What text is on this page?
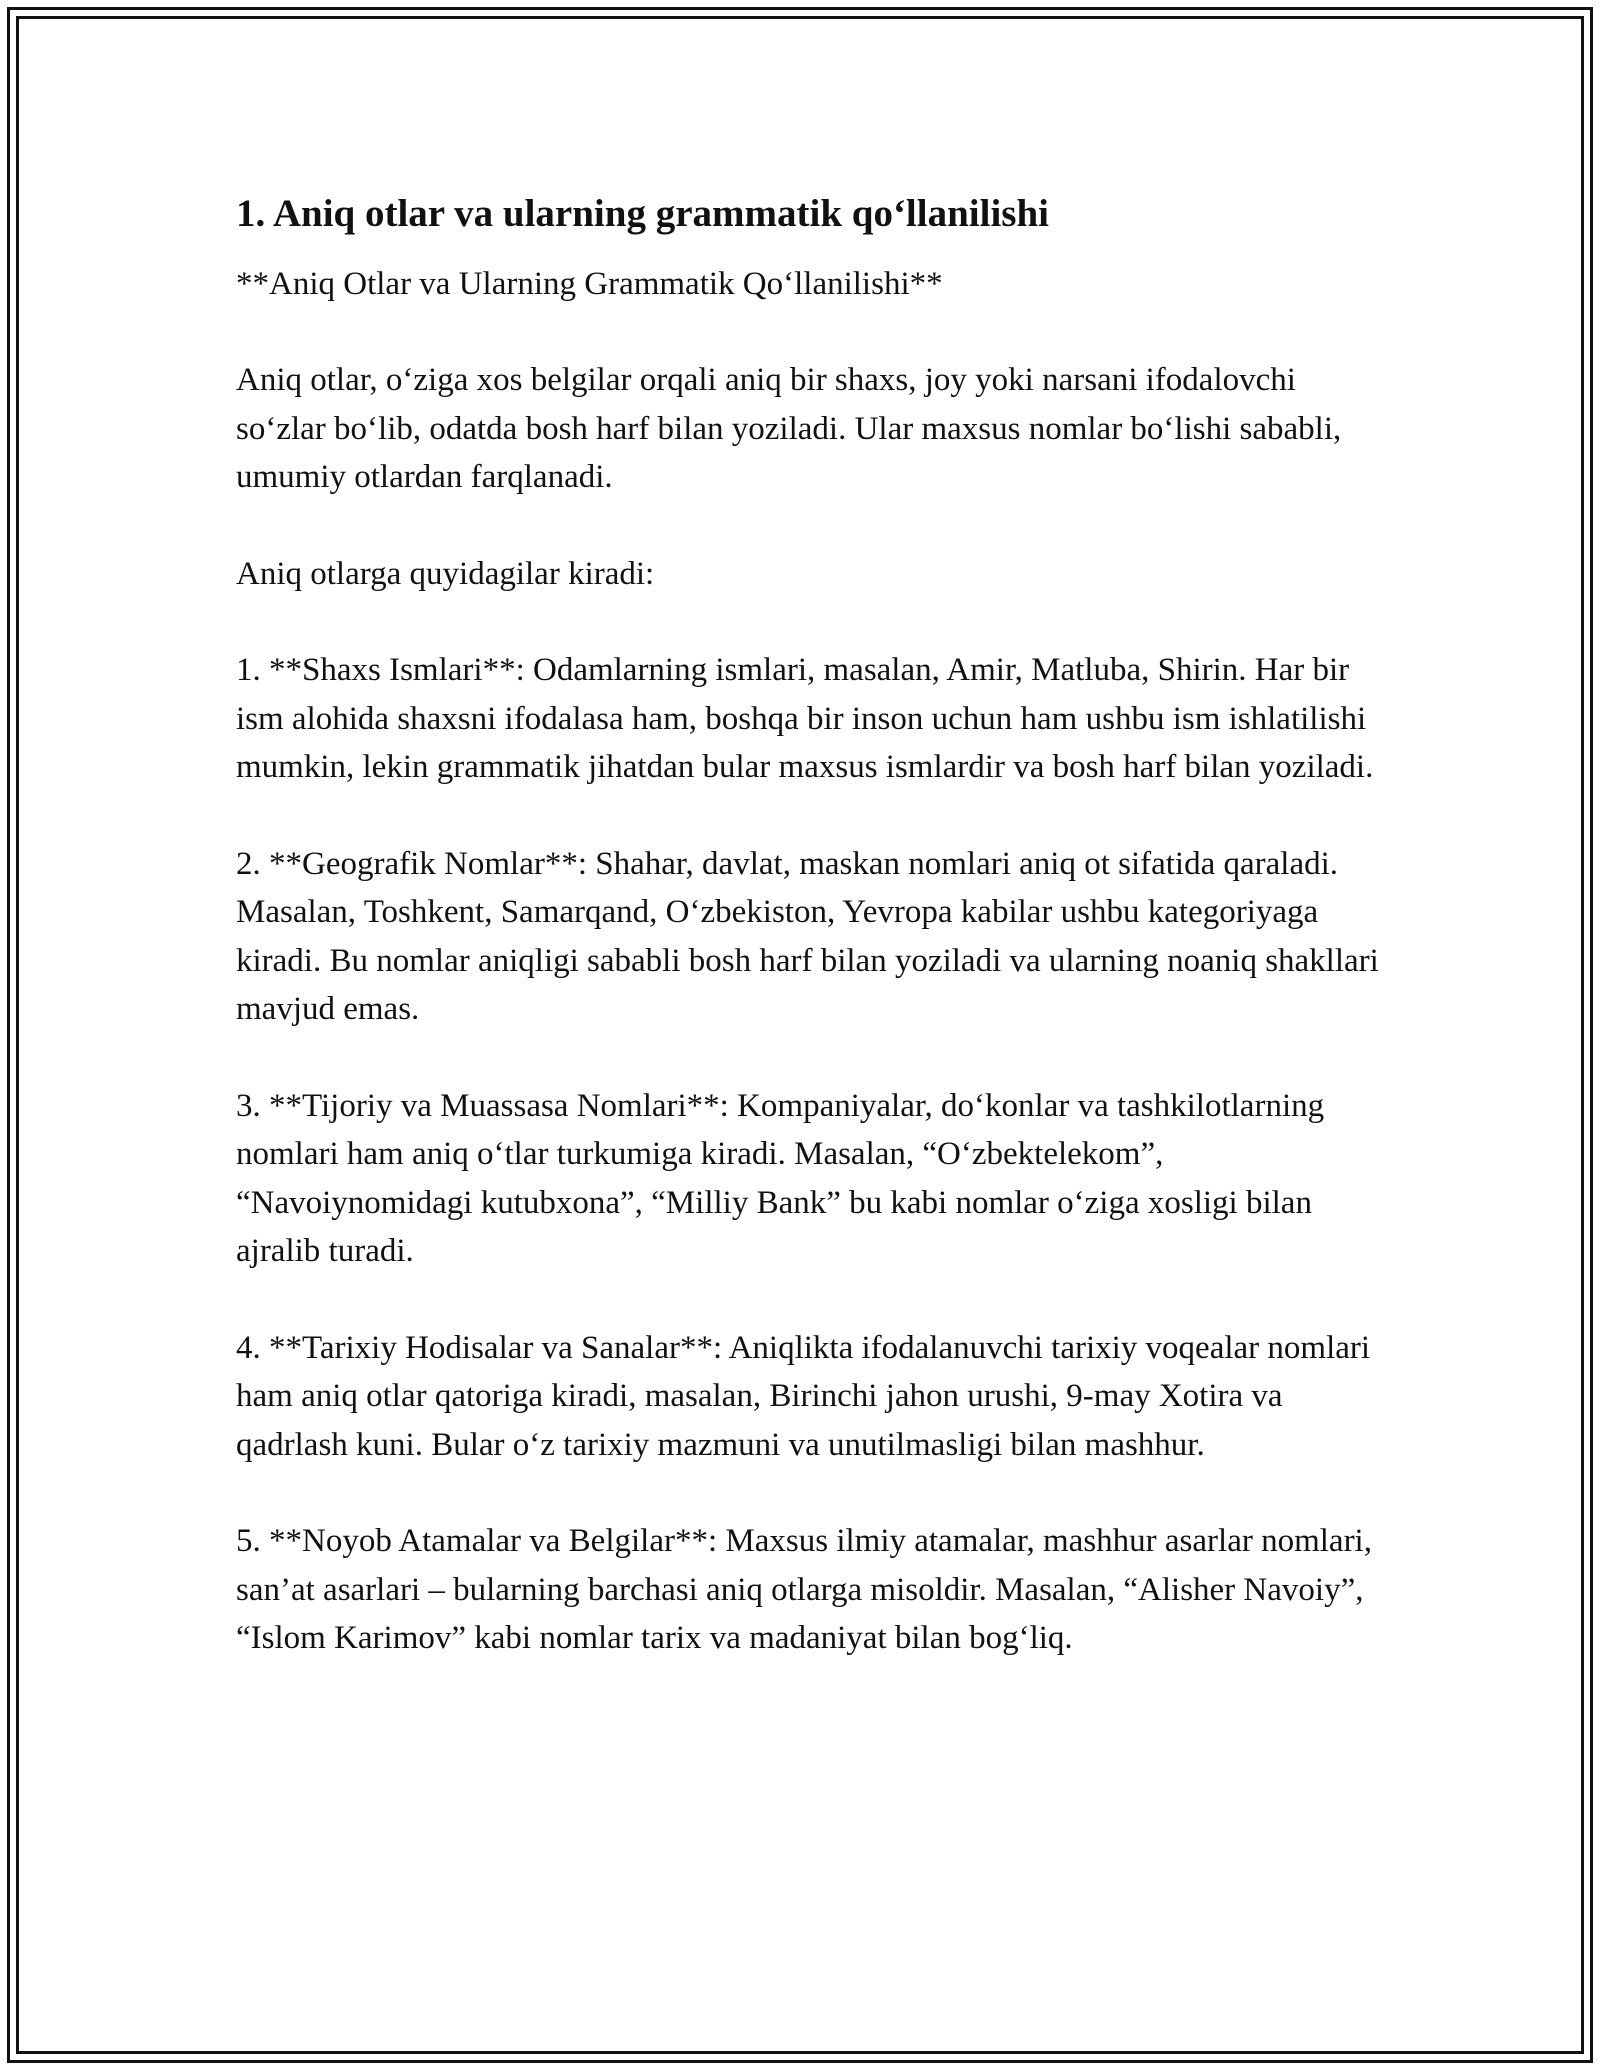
1. Aniq otlar va ularning grammatik qo‘llanilishi

**Aniq Otlar va Ularning Grammatik Qo‘llanilishi**

Aniq otlar, o‘ziga xos belgilar orqali aniq bir shaxs, joy yoki narsani ifodalovchi so‘zlar bo‘lib, odatda bosh harf bilan yoziladi. Ular maxsus nomlar bo‘lishi sababli, umumiy otlardan farqlanadi.

Aniq otlarga quyidagilar kiradi:

1. **Shaxs Ismlari**: Odamlarning ismlari, masalan, Amir, Matluba, Shirin. Har bir ism alohida shaxsni ifodalasa ham, boshqa bir inson uchun ham ushbu ism ishlatilishi mumkin, lekin grammatik jihatdan bular maxsus ismlardir va bosh harf bilan yoziladi.

2. **Geografik Nomlar**: Shahar, davlat, maskan nomlari aniq ot sifatida qaraladi. Masalan, Toshkent, Samarqand, O‘zbekiston, Yevropa kabilar ushbu kategoriyaga kiradi. Bu nomlar aniqligi sababli bosh harf bilan yoziladi va ularning noaniq shakllari mavjud emas.

3. **Tijoriy va Muassasa Nomlari**: Kompaniyalar, do‘konlar va tashkilotlarning nomlari ham aniq o‘tlar turkumiga kiradi. Masalan, “O‘zbektelekom”, “Navoiynomidagi kutubxona”, “Milliy Bank” bu kabi nomlar o‘ziga xosligi bilan ajralib turadi.

4. **Tarixiy Hodisalar va Sanalar**: Aniqlikta ifodalanuvchi tarixiy voqealar nomlari ham aniq otlar qatoriga kiradi, masalan, Birinchi jahon urushi, 9-may Xotira va qadrlash kuni. Bular o‘z tarixiy mazmuni va unutilmasligi bilan mashhur.

5. **Noyob Atamalar va Belgilar**: Maxsus ilmiy atamalar, mashhur asarlar nomlari, san’at asarlari – bularning barchasi aniq otlarga misoldir. Masalan, “Alisher Navoiy”, “Islom Karimov” kabi nomlar tarix va madaniyat bilan bog‘liq.
